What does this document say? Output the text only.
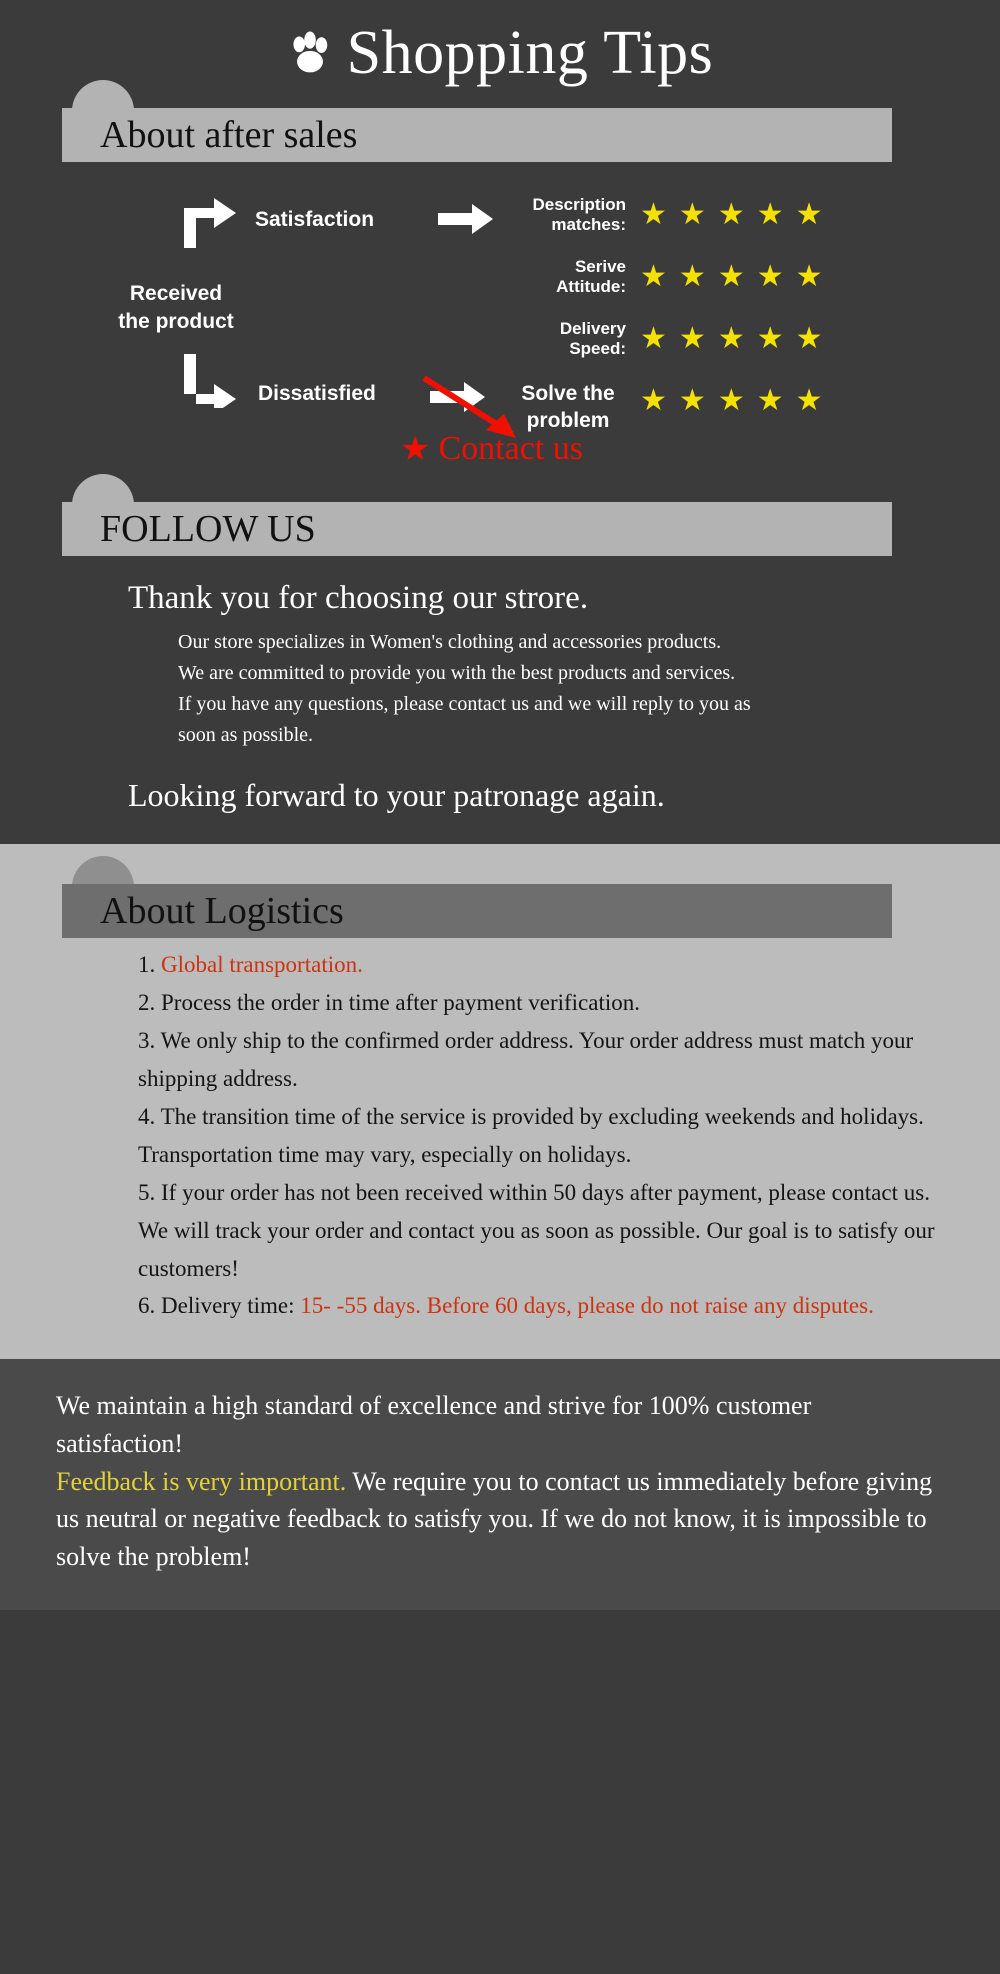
Shopping Tips
About after sales
Received
the product
Satisfaction
Dissatisfied	Solve the
problem
Description
matches: ★ ★ ★ ★ ★
Serive
Attitude: ★ ★ ★ ★ ★
Delivery
Speed: ★ ★ ★ ★ ★
★ ★ ★ ★ ★
★ Contact us
FOLLOW US
Thank you for choosing our strore.

Our store specializes in Women's clothing and accessories products.

We are committed to provide you with the best products and services.

If you have any questions, please contact us and we will reply to you as

soon as possible.

Looking forward to your patronage again.
About Logistics

1. Global transportation.

2. Process the order in time after payment verification.

3. We only ship to the confirmed order address. Your order address must match your shipping address.

4. The transition time of the service is provided by excluding weekends and holidays. Transportation time may vary, especially on holidays.

5. If your order has not been received within 50 days after payment, please contact us. We will track your order and contact you as soon as possible. Our goal is to satisfy our customers!

6. Delivery time: 15- -55 days. Before 60 days, please do not raise any disputes.

We maintain a high standard of excellence and strive for 100% customer satisfaction!

Feedback is very important. We require you to contact us immediately before giving us neutral or negative feedback to satisfy you. If we do not know, it is impossible to solve the problem!
